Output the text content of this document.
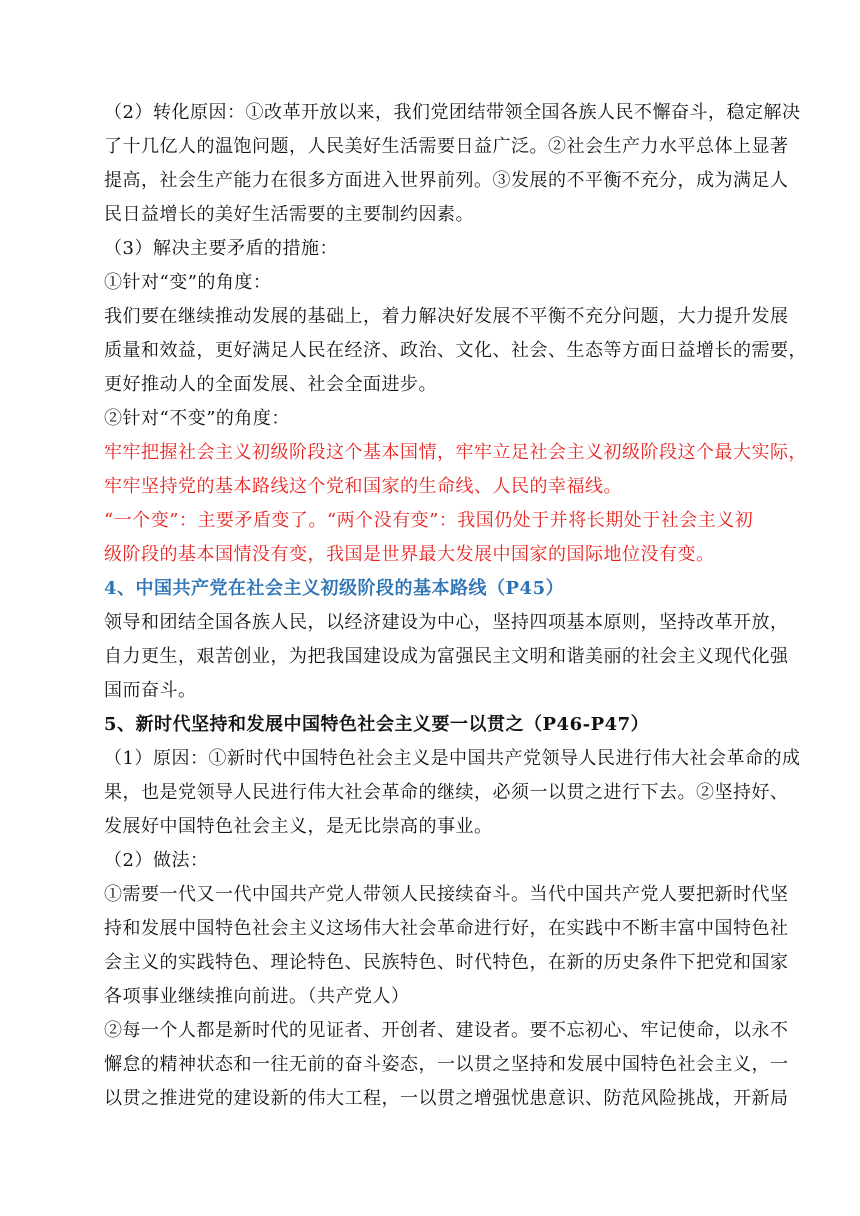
（2）转化原因：①改革开放以来，我们党团结带领全国各族人民不懈奋斗，稳定解决
了十几亿人的温饱问题，人民美好生活需要日益广泛。②社会生产力水平总体上显著
提高，社会生产能力在很多方面进入世界前列。③发展的不平衡不充分，成为满足人
民日益增长的美好生活需要的主要制约因素。
（3）解决主要矛盾的措施：
①针对“变”的角度：
我们要在继续推动发展的基础上，着力解决好发展不平衡不充分问题，大力提升发展
质量和效益，更好满足人民在经济、政治、文化、社会、生态等方面日益增长的需要，
更好推动人的全面发展、社会全面进步。
②针对“不变”的角度：
牢牢把握社会主义初级阶段这个基本国情，牢牢立足社会主义初级阶段这个最大实际，
牢牢坚持党的基本路线这个党和国家的生命线、人民的幸福线。
“一个变”：主要矛盾变了。“两个没有变”：我国仍处于并将长期处于社会主义初
级阶段的基本国情没有变，我国是世界最大发展中国家的国际地位没有变。
4、中国共产党在社会主义初级阶段的基本路线（P45）
领导和团结全国各族人民，以经济建设为中心，坚持四项基本原则，坚持改革开放，
自力更生，艰苦创业，为把我国建设成为富强民主文明和谐美丽的社会主义现代化强
国而奋斗。
5、新时代坚持和发展中国特色社会主义要一以贯之（P46-P47）
（1）原因：①新时代中国特色社会主义是中国共产党领导人民进行伟大社会革命的成
果，也是党领导人民进行伟大社会革命的继续，必须一以贯之进行下去。②坚持好、
发展好中国特色社会主义，是无比崇高的事业。
（2）做法：
①需要一代又一代中国共产党人带领人民接续奋斗。当代中国共产党人要把新时代坚
持和发展中国特色社会主义这场伟大社会革命进行好，在实践中不断丰富中国特色社
会主义的实践特色、理论特色、民族特色、时代特色，在新的历史条件下把党和国家
各项事业继续推向前进。（共产党人）
②每一个人都是新时代的见证者、开创者、建设者。要不忘初心、牢记使命，以永不
懈怠的精神状态和一往无前的奋斗姿态，一以贯之坚持和发展中国特色社会主义，一
以贯之推进党的建设新的伟大工程，一以贯之增强忧患意识、防范风险挑战，开新局
